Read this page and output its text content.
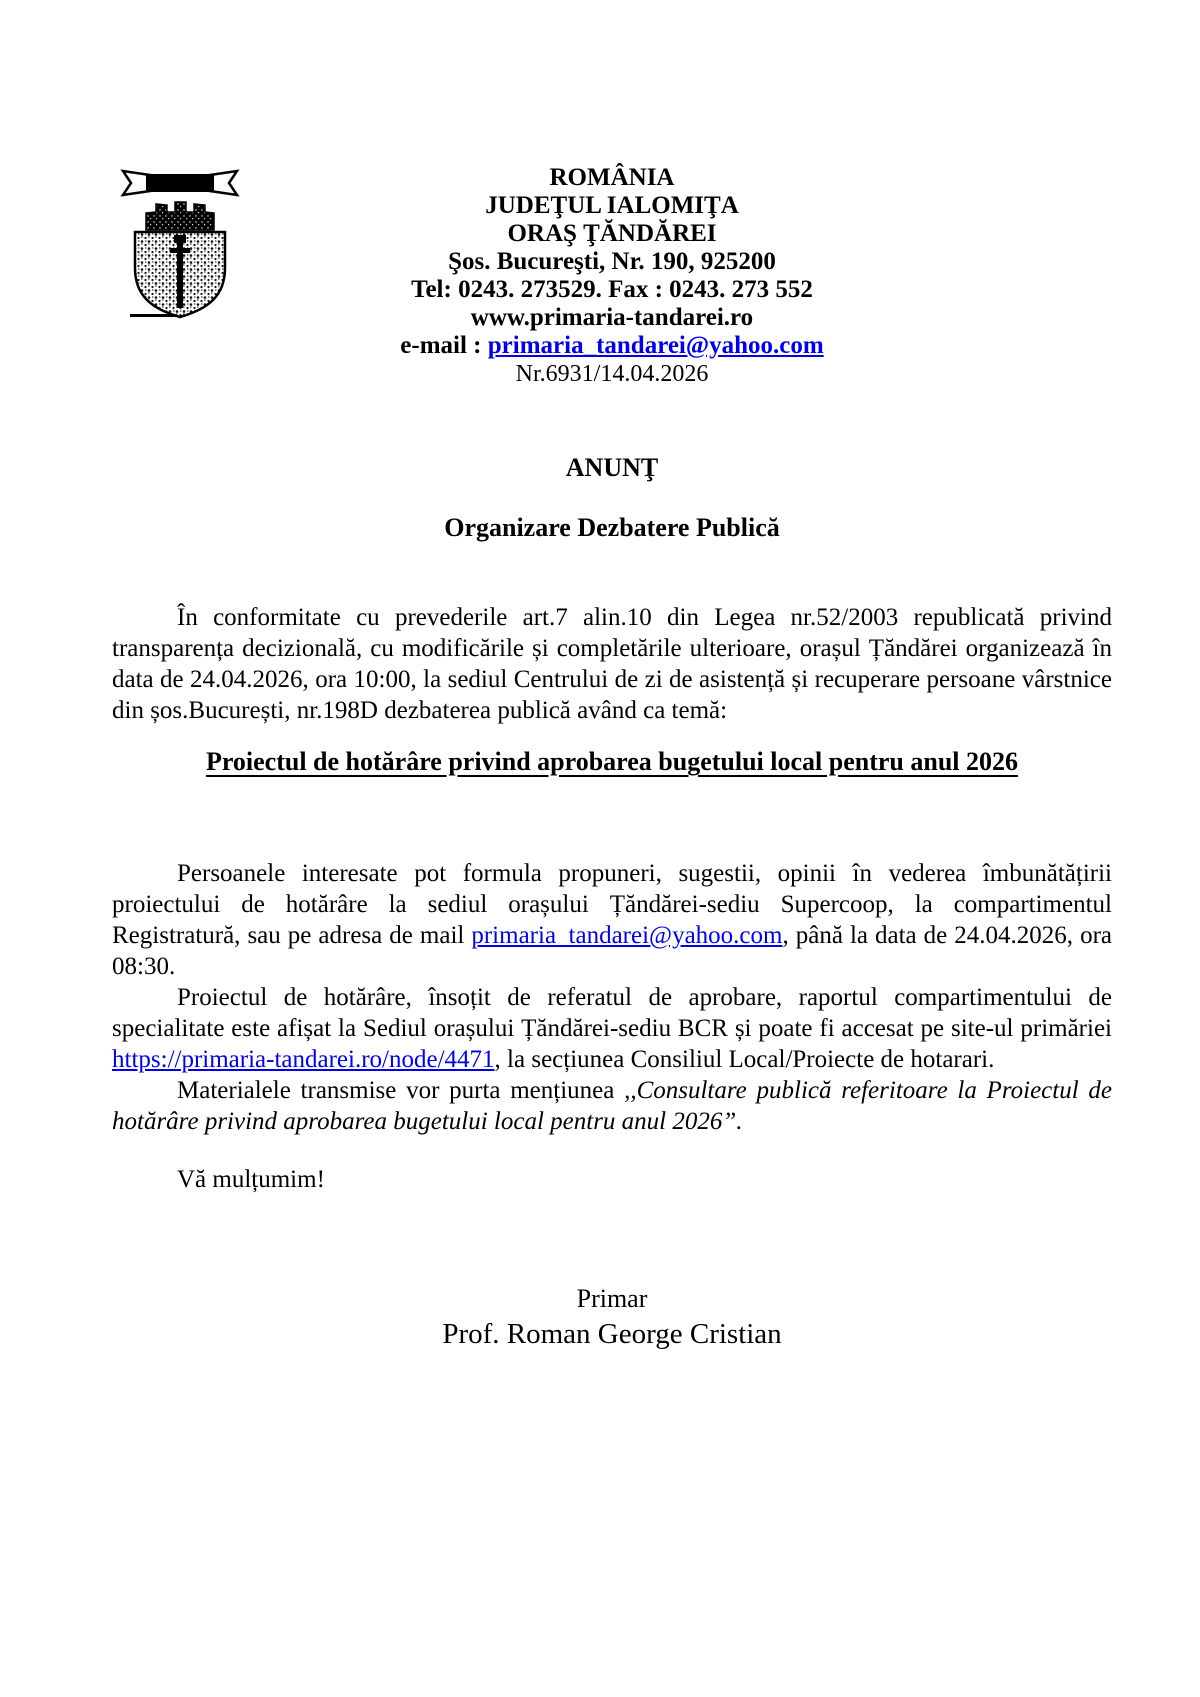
ROMÂNIA
JUDEŢUL IALOMIŢA
ORAŞ ŢĂNDĂREI
Şos. Bucureşti, Nr. 190, 925200
Tel: 0243. 273529. Fax : 0243. 273 552
www.primaria-tandarei.ro
e-mail : primaria_tandarei@yahoo.com
Nr.6931/14.04.2026
ANUNŢ
Organizare Dezbatere Publică

În conformitate cu prevederile art.7 alin.10 din Legea nr.52/2003 republicată privind transparența decizională, cu modificările și completările ulterioare, orașul Țăndărei organizează în data de 24.04.2026, ora 10:00, la sediul Centrului de zi de asistență și recuperare persoane vârstnice din șos.București, nr.198D dezbaterea publică având ca temă:

Proiectul de hotărâre privind aprobarea bugetului local pentru anul 2026

Persoanele interesate pot formula propuneri, sugestii, opinii în vederea îmbunătățirii proiectului de hotărâre la sediul orașului Țăndărei-sediu Supercoop, la compartimentul Registratură, sau pe adresa de mail primaria_tandarei@yahoo.com, până la data de 24.04.2026, ora 08:30.

Proiectul de hotărâre, însoțit de referatul de aprobare, raportul compartimentului de specialitate este afișat la Sediul orașului Țăndărei-sediu BCR și poate fi accesat pe site-ul primăriei https://primaria-tandarei.ro/node/4471, la secțiunea Consiliul Local/Proiecte de hotarari.

Materialele transmise vor purta mențiunea ,,Consultare publică referitoare la Proiectul de hotărâre privind aprobarea bugetului local pentru anul 2026”.

Vă mulțumim!

Primar
Prof. Roman George Cristian
